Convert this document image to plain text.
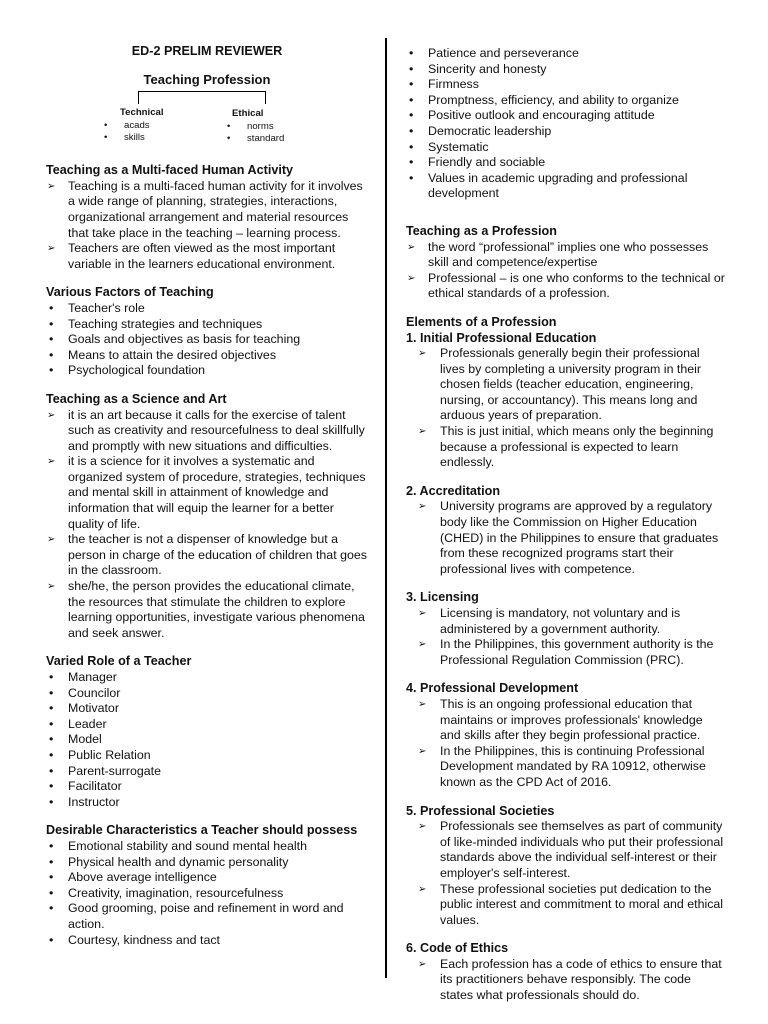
ED-2 PRELIM REVIEWER
Teaching Profession
Technical
• acads
• skills
Ethical
• norms
• standard
Teaching as a Multi-faced Human Activity
➢ Teaching is a multi-faced human activity for it involves a wide range of planning, strategies, interactions, organizational arrangement and material resources that take place in the teaching – learning process.
➢ Teachers are often viewed as the most important variable in the learners educational environment.
Various Factors of Teaching
• Teacher's role
• Teaching strategies and techniques
• Goals and objectives as basis for teaching
• Means to attain the desired objectives
• Psychological foundation
Teaching as a Science and Art
➢ it is an art because it calls for the exercise of talent such as creativity and resourcefulness to deal skillfully and promptly with new situations and difficulties.
➢ it is a science for it involves a systematic and organized system of procedure, strategies, techniques and mental skill in attainment of knowledge and information that will equip the learner for a better quality of life.
➢ the teacher is not a dispenser of knowledge but a person in charge of the education of children that goes in the classroom.
➢ she/he, the person provides the educational climate, the resources that stimulate the children to explore learning opportunities, investigate various phenomena and seek answer.
Varied Role of a Teacher
• Manager
• Councilor
• Motivator
• Leader
• Model
• Public Relation
• Parent-surrogate
• Facilitator
• Instructor
Desirable Characteristics a Teacher should possess
• Emotional stability and sound mental health
• Physical health and dynamic personality
• Above average intelligence
• Creativity, imagination, resourcefulness
• Good grooming, poise and refinement in word and action.
• Courtesy, kindness and tact
• Patience and perseverance
• Sincerity and honesty
• Firmness
• Promptness, efficiency, and ability to organize
• Positive outlook and encouraging attitude
• Democratic leadership
• Systematic
• Friendly and sociable
• Values in academic upgrading and professional development
Teaching as a Profession
➢ the word “professional” implies one who possesses skill and competence/expertise
➢ Professional – is one who conforms to the technical or ethical standards of a profession.
Elements of a Profession
1. Initial Professional Education
➢ Professionals generally begin their professional lives by completing a university program in their chosen fields (teacher education, engineering, nursing, or accountancy). This means long and arduous years of preparation.
➢ This is just initial, which means only the beginning because a professional is expected to learn endlessly.
2. Accreditation
➢ University programs are approved by a regulatory body like the Commission on Higher Education (CHED) in the Philippines to ensure that graduates from these recognized programs start their professional lives with competence.
3. Licensing
➢ Licensing is mandatory, not voluntary and is administered by a government authority.
➢ In the Philippines, this government authority is the Professional Regulation Commission (PRC).
4. Professional Development
➢ This is an ongoing professional education that maintains or improves professionals' knowledge and skills after they begin professional practice.
➢ In the Philippines, this is continuing Professional Development mandated by RA 10912, otherwise known as the CPD Act of 2016.
5. Professional Societies
➢ Professionals see themselves as part of community of like-minded individuals who put their professional standards above the individual self-interest or their employer's self-interest.
➢ These professional societies put dedication to the public interest and commitment to moral and ethical values.
6. Code of Ethics
➢ Each profession has a code of ethics to ensure that its practitioners behave responsibly. The code states what professionals should do.
